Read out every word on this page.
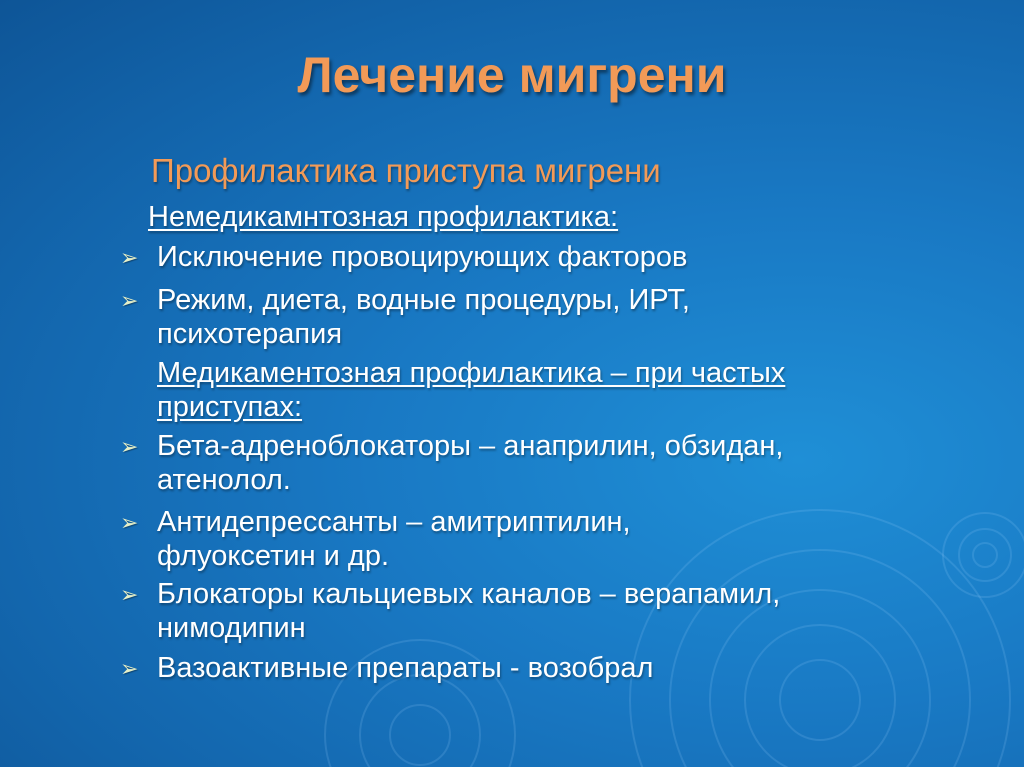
Лечение мигрени
Профилактика приступа мигрени
Немедикамнтозная профилактика:
➢ Исключение провоцирующих факторов
➢ Режим, диета, водные процедуры, ИРТ,
психотерапия
Медикаментозная профилактика – при частых
приступах:
➢ Бета-адреноблокаторы – анаприлин, обзидан,
атенолол.
➢ Антидепрессанты – амитриптилин,
флуоксетин и др.
➢ Блокаторы кальциевых каналов – верапамил,
нимодипин
➢ Вазоактивные препараты - возобрал
